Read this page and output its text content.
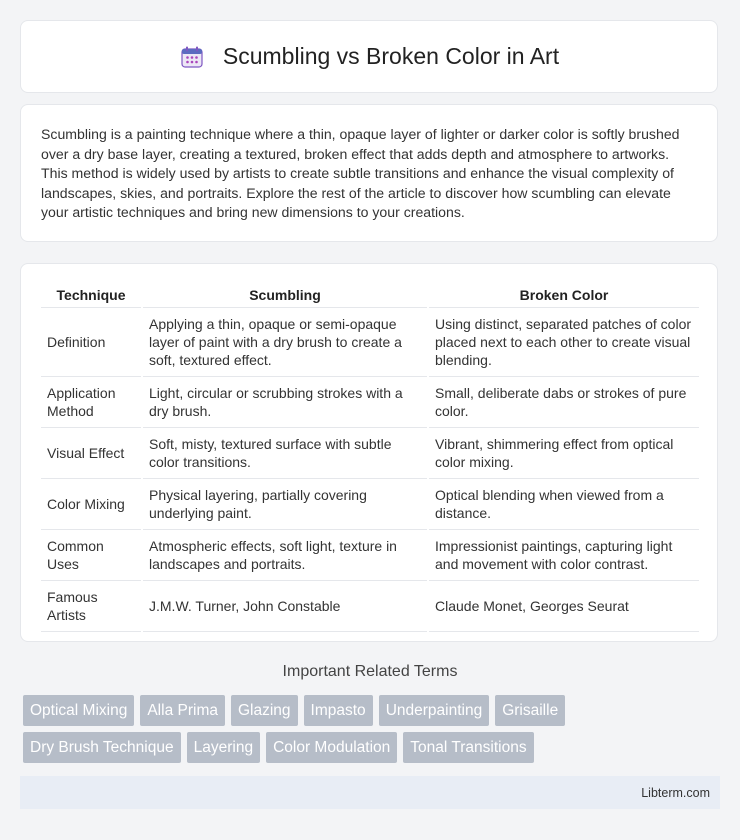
Scumbling vs Broken Color in Art

Scumbling is a painting technique where a thin, opaque layer of lighter or darker color is softly brushed over a dry base layer, creating a textured, broken effect that adds depth and atmosphere to artworks. This method is widely used by artists to create subtle transitions and enhance the visual complexity of landscapes, skies, and portraits. Explore the rest of the article to discover how scumbling can elevate your artistic techniques and bring new dimensions to your creations.

Technique	Scumbling	Broken Color
Definition	Applying a thin, opaque or semi-opaque layer of paint with a dry brush to create a soft, textured effect.	Using distinct, separated patches of color placed next to each other to create visual blending.
Application Method	Light, circular or scrubbing strokes with a dry brush.	Small, deliberate dabs or strokes of pure color.
Visual Effect	Soft, misty, textured surface with subtle color transitions.	Vibrant, shimmering effect from optical color mixing.
Color Mixing	Physical layering, partially covering underlying paint.	Optical blending when viewed from a distance.
Common Uses	Atmospheric effects, soft light, texture in landscapes and portraits.	Impressionist paintings, capturing light and movement with color contrast.
Famous Artists	J.M.W. Turner, John Constable	Claude Monet, Georges Seurat
Important Related Terms
Optical Mixing	Alla Prima	Glazing	Impasto	Underpainting	Grisaille
Dry Brush Technique	Layering	Color Modulation	Tonal Transitions
Libterm.com
